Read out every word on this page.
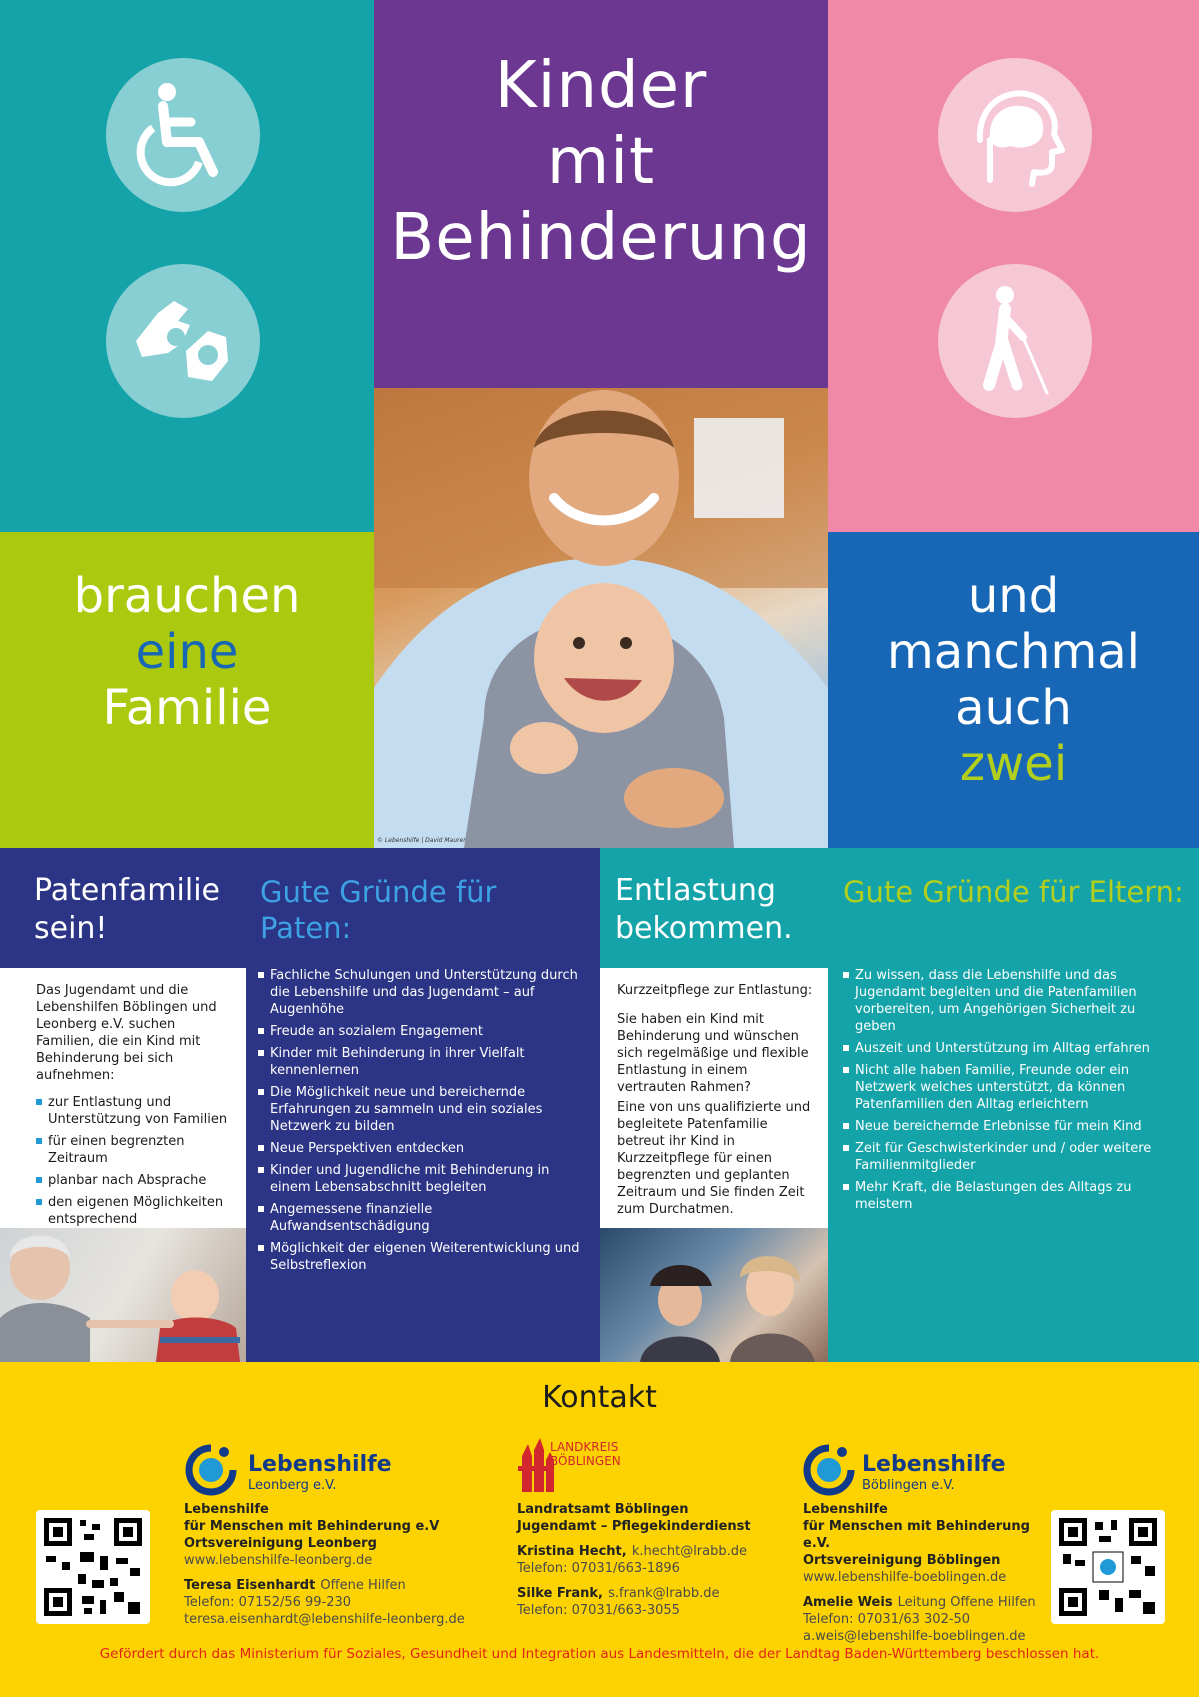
Kinder
mit
Behinderung
© Lebenshilfe | David Maurer
brauchen
eine
Familie
und
manchmal
auch
zwei
Patenfamilie sein!
Gute Gründe für Paten:

Das Jugendamt und die Lebenshilfen Böblingen und Leonberg e.V. suchen Familien, die ein Kind mit Behinderung bei sich aufnehmen:

zur Entlastung und Unterstützung von Familien
für einen begrenzten Zeitraum
planbar nach Absprache
den eigenen Möglichkeiten entsprechend
Fachliche Schulungen und Unterstützung durch die Lebenshilfe und das Jugendamt – auf Augenhöhe
Freude an sozialem Engagement
Kinder mit Behinderung in ihrer Vielfalt kennenlernen
Die Möglichkeit neue und bereichernde Erfahrungen zu sammeln und ein soziales Netzwerk zu bilden
Neue Perspektiven entdecken
Kinder und Jugendliche mit Behinderung in einem Lebensabschnitt begleiten
Angemessene finanzielle Aufwandsentschädigung
Möglichkeit der eigenen Weiterentwicklung und Selbstreflexion
Entlastung bekommen.
Gute Gründe für Eltern:

Kurzzeitpflege zur Entlastung:

Sie haben ein Kind mit Behinderung und wünschen sich regelmäßige und flexible Entlastung in einem vertrauten Rahmen?

Eine von uns qualifizierte und begleitete Patenfamilie betreut ihr Kind in Kurzzeitpflege für einen begrenzten und geplanten Zeitraum und Sie finden Zeit zum Durchatmen.

Zu wissen, dass die Lebenshilfe und das Jugendamt begleiten und die Patenfamilien vorbereiten, um Angehörigen Sicherheit zu geben
Auszeit und Unterstützung im Alltag erfahren
Nicht alle haben Familie, Freunde oder ein Netzwerk welches unterstützt, da können Patenfamilien den Alltag erleichtern
Neue bereichernde Erlebnisse für mein Kind
Zeit für Geschwisterkinder und / oder weitere Familienmitglieder
Mehr Kraft, die Belastungen des Alltags zu meistern
Kontakt
Lebenshilfe
Leonberg e.V.
Lebenshilfe
für Menschen mit Behinderung e.V
Ortsvereinigung Leonberg
www.lebenshilfe-leonberg.de
Teresa Eisenhardt Offene Hilfen
Telefon: 07152/56 99-230
teresa.eisenhardt@lebenshilfe-leonberg.de
LANDKREIS
BÖBLINGEN
Landratsamt Böblingen
Jugendamt – Pflegekinderdienst
Kristina Hecht, k.hecht@lrabb.de
Telefon: 07031/663-1896
Silke Frank, s.frank@lrabb.de
Telefon: 07031/663-3055
Lebenshilfe
Böblingen e.V.
Lebenshilfe
für Menschen mit Behinderung e.V.
Ortsvereinigung Böblingen
www.lebenshilfe-boeblingen.de
Amelie Weis Leitung Offene Hilfen
Telefon: 07031/63 302-50
a.weis@lebenshilfe-boeblingen.de
Gefördert durch das Ministerium für Soziales, Gesundheit und Integration aus Landesmitteln, die der Landtag Baden-Württemberg beschlossen hat.
